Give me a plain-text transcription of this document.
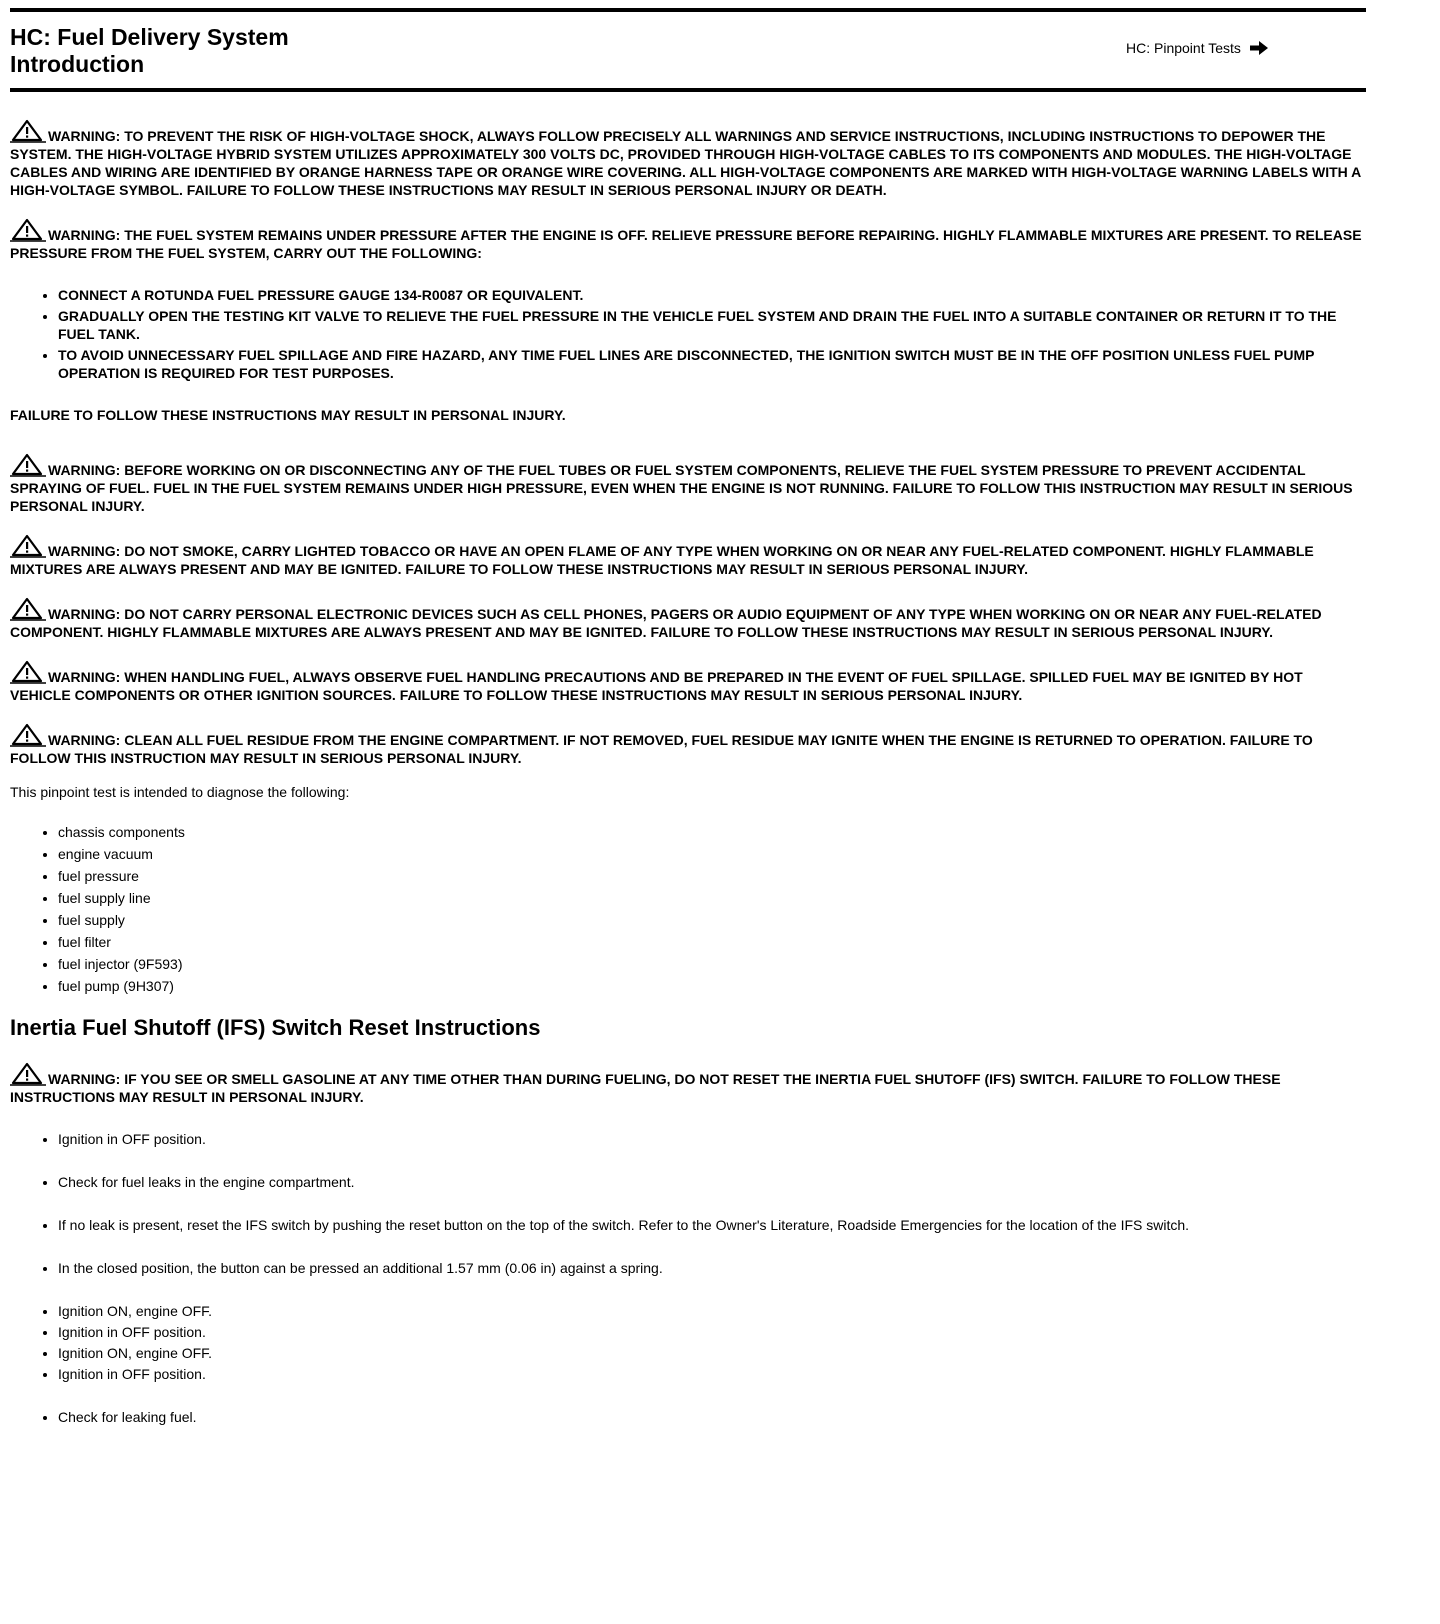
HC: Fuel Delivery System
Introduction
HC: Pinpoint Tests

WARNING: TO PREVENT THE RISK OF HIGH-VOLTAGE SHOCK, ALWAYS FOLLOW PRECISELY ALL WARNINGS AND SERVICE INSTRUCTIONS, INCLUDING INSTRUCTIONS TO DEPOWER THE SYSTEM. THE HIGH-VOLTAGE HYBRID SYSTEM UTILIZES APPROXIMATELY 300 VOLTS DC, PROVIDED THROUGH HIGH-VOLTAGE CABLES TO ITS COMPONENTS AND MODULES. THE HIGH-VOLTAGE CABLES AND WIRING ARE IDENTIFIED BY ORANGE HARNESS TAPE OR ORANGE WIRE COVERING. ALL HIGH-VOLTAGE COMPONENTS ARE MARKED WITH HIGH-VOLTAGE WARNING LABELS WITH A HIGH-VOLTAGE SYMBOL. FAILURE TO FOLLOW THESE INSTRUCTIONS MAY RESULT IN SERIOUS PERSONAL INJURY OR DEATH.

WARNING: THE FUEL SYSTEM REMAINS UNDER PRESSURE AFTER THE ENGINE IS OFF. RELIEVE PRESSURE BEFORE REPAIRING. HIGHLY FLAMMABLE MIXTURES ARE PRESENT. TO RELEASE PRESSURE FROM THE FUEL SYSTEM, CARRY OUT THE FOLLOWING:

• CONNECT A ROTUNDA FUEL PRESSURE GAUGE 134-R0087 OR EQUIVALENT.
• GRADUALLY OPEN THE TESTING KIT VALVE TO RELIEVE THE FUEL PRESSURE IN THE VEHICLE FUEL SYSTEM AND DRAIN THE FUEL INTO A SUITABLE CONTAINER OR RETURN IT TO THE FUEL TANK.
• TO AVOID UNNECESSARY FUEL SPILLAGE AND FIRE HAZARD, ANY TIME FUEL LINES ARE DISCONNECTED, THE IGNITION SWITCH MUST BE IN THE OFF POSITION UNLESS FUEL PUMP OPERATION IS REQUIRED FOR TEST PURPOSES.

FAILURE TO FOLLOW THESE INSTRUCTIONS MAY RESULT IN PERSONAL INJURY.

WARNING: BEFORE WORKING ON OR DISCONNECTING ANY OF THE FUEL TUBES OR FUEL SYSTEM COMPONENTS, RELIEVE THE FUEL SYSTEM PRESSURE TO PREVENT ACCIDENTAL SPRAYING OF FUEL. FUEL IN THE FUEL SYSTEM REMAINS UNDER HIGH PRESSURE, EVEN WHEN THE ENGINE IS NOT RUNNING. FAILURE TO FOLLOW THIS INSTRUCTION MAY RESULT IN SERIOUS PERSONAL INJURY.

WARNING: DO NOT SMOKE, CARRY LIGHTED TOBACCO OR HAVE AN OPEN FLAME OF ANY TYPE WHEN WORKING ON OR NEAR ANY FUEL-RELATED COMPONENT. HIGHLY FLAMMABLE MIXTURES ARE ALWAYS PRESENT AND MAY BE IGNITED. FAILURE TO FOLLOW THESE INSTRUCTIONS MAY RESULT IN SERIOUS PERSONAL INJURY.

WARNING: DO NOT CARRY PERSONAL ELECTRONIC DEVICES SUCH AS CELL PHONES, PAGERS OR AUDIO EQUIPMENT OF ANY TYPE WHEN WORKING ON OR NEAR ANY FUEL-RELATED COMPONENT. HIGHLY FLAMMABLE MIXTURES ARE ALWAYS PRESENT AND MAY BE IGNITED. FAILURE TO FOLLOW THESE INSTRUCTIONS MAY RESULT IN SERIOUS PERSONAL INJURY.

WARNING: WHEN HANDLING FUEL, ALWAYS OBSERVE FUEL HANDLING PRECAUTIONS AND BE PREPARED IN THE EVENT OF FUEL SPILLAGE. SPILLED FUEL MAY BE IGNITED BY HOT VEHICLE COMPONENTS OR OTHER IGNITION SOURCES. FAILURE TO FOLLOW THESE INSTRUCTIONS MAY RESULT IN SERIOUS PERSONAL INJURY.

WARNING: CLEAN ALL FUEL RESIDUE FROM THE ENGINE COMPARTMENT. IF NOT REMOVED, FUEL RESIDUE MAY IGNITE WHEN THE ENGINE IS RETURNED TO OPERATION. FAILURE TO FOLLOW THIS INSTRUCTION MAY RESULT IN SERIOUS PERSONAL INJURY.

This pinpoint test is intended to diagnose the following:

• chassis components
• engine vacuum
• fuel pressure
• fuel supply line
• fuel supply
• fuel filter
• fuel injector (9F593)
• fuel pump (9H307)
Inertia Fuel Shutoff (IFS) Switch Reset Instructions

WARNING: IF YOU SEE OR SMELL GASOLINE AT ANY TIME OTHER THAN DURING FUELING, DO NOT RESET THE INERTIA FUEL SHUTOFF (IFS) SWITCH. FAILURE TO FOLLOW THESE INSTRUCTIONS MAY RESULT IN PERSONAL INJURY.

• Ignition in OFF position.
• Check for fuel leaks in the engine compartment.
• If no leak is present, reset the IFS switch by pushing the reset button on the top of the switch. Refer to the Owner's Literature, Roadside Emergencies for the location of the IFS switch.
• In the closed position, the button can be pressed an additional 1.57 mm (0.06 in) against a spring.
• Ignition ON, engine OFF.
• Ignition in OFF position.
• Ignition ON, engine OFF.
• Ignition in OFF position.
• Check for leaking fuel.
